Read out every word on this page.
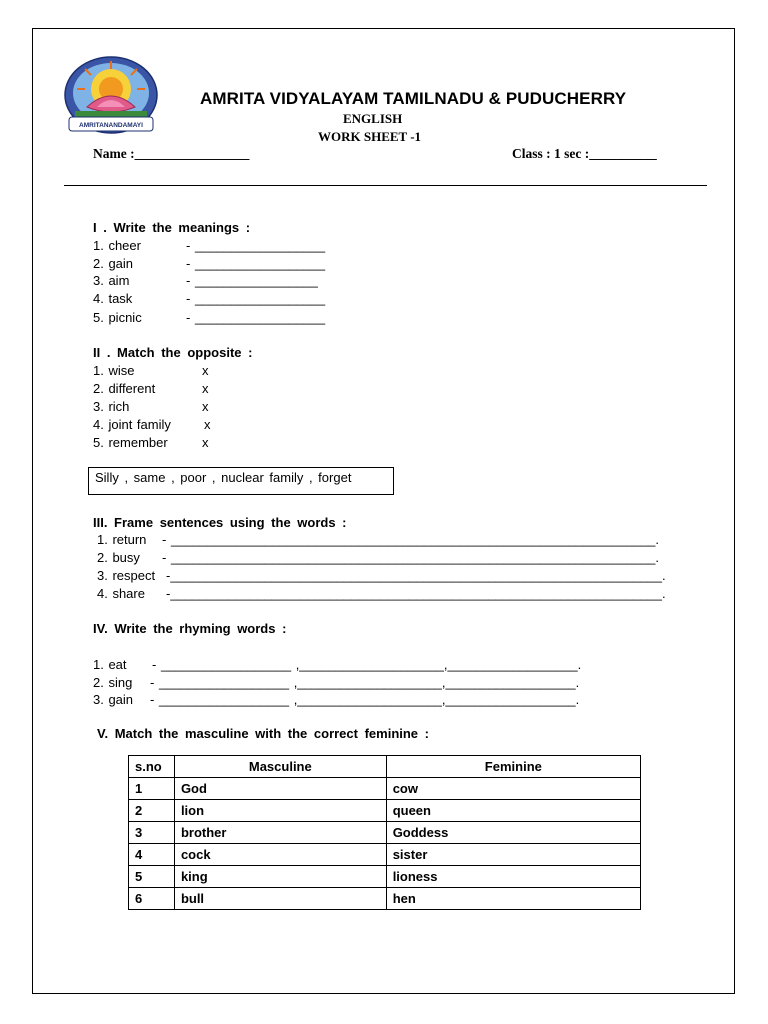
AMRITANANDAMAYI
AMRITA VIDYALAYAM TAMILNADU & PUDUCHERRY
ENGLISH
WORK SHEET -1
Name :_________________	Class : 1 sec :__________
I . Write the meanings :
1. cheer	- __________________
2. gain	- __________________
3. aim	- _________________
4. task	- __________________
5. picnic	- __________________
II . Match the opposite :
1. wise	x
2. different	x
3. rich	x
4. joint family	x
5. remember	x
Silly , same , poor , nuclear family , forget
III. Frame sentences using the words :
1. return - ___________________________________________________________________.
2. busy - ___________________________________________________________________.
3. respect -____________________________________________________________________.
4. share -____________________________________________________________________.
IV. Write the rhyming words :
1. eat - __________________ ,____________________,__________________.
2. sing - __________________ ,____________________,__________________.
3. gain - __________________ ,____________________,__________________.
V. Match the masculine with the correct feminine :
s.no	Masculine	Feminine
1	God	cow
2	lion	queen
3	brother	Goddess
4	cock	sister
5	king	lioness
6	bull	hen
